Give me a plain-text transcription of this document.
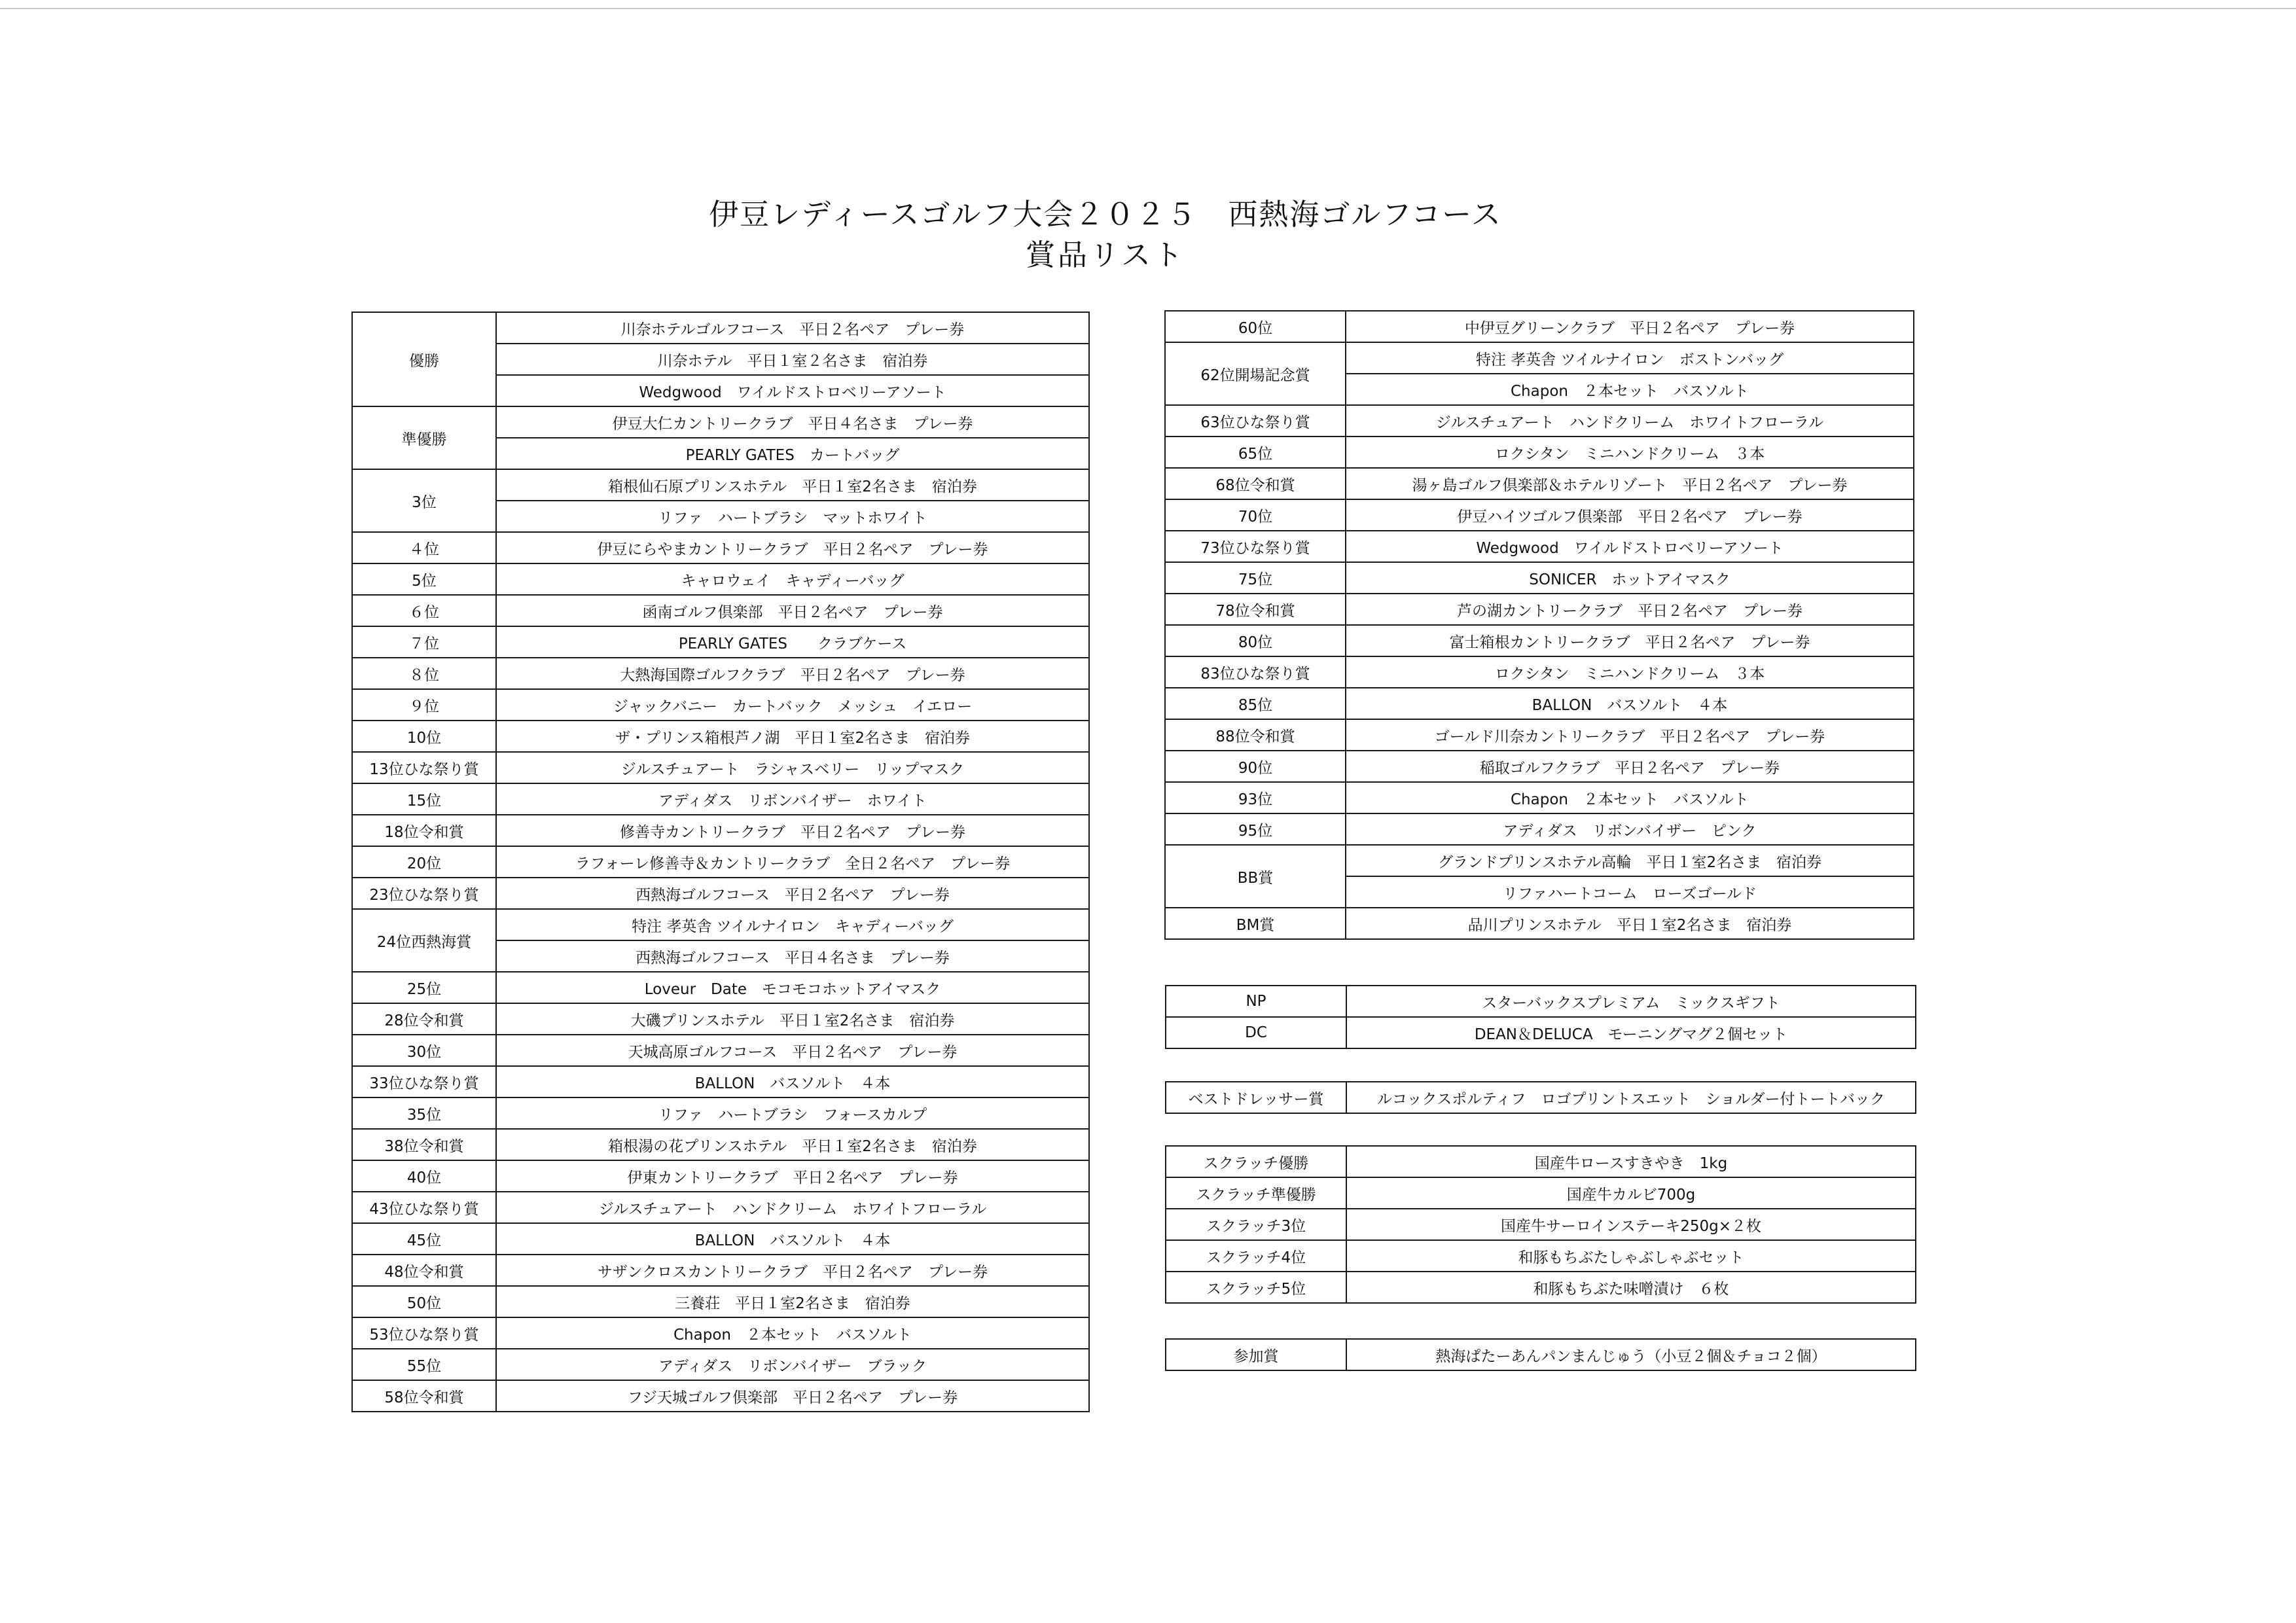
伊豆レディースゴルフ大会２０２５　西熱海ゴルフコース
賞品リスト
優勝	川奈ホテルゴルフコース　平日２名ペア　プレー券
	川奈ホテル　平日１室２名さま　宿泊券
	Wedgwood　ワイルドストロベリーアソート
準優勝	伊豆大仁カントリークラブ　平日４名さま　プレー券
	PEARLY GATES　カートバッグ
3位	箱根仙石原プリンスホテル　平日１室2名さま　宿泊券
	リファ　ハートブラシ　マットホワイト
４位	伊豆にらやまカントリークラブ　平日２名ペア　プレー券
5位	キャロウェイ　キャディーバッグ
６位	函南ゴルフ倶楽部　平日２名ペア　プレー券
７位	PEARLY GATES　　クラブケース
８位	大熱海国際ゴルフクラブ　平日２名ペア　プレー券
９位	ジャックバニー　カートバック　メッシュ　イエロー
10位	ザ・プリンス箱根芦ノ湖　平日１室2名さま　宿泊券
13位ひな祭り賞	ジルスチュアート　ラシャスベリー　リップマスク
15位	アディダス　リボンバイザー　ホワイト
18位令和賞	修善寺カントリークラブ　平日２名ペア　プレー券
20位	ラフォーレ修善寺＆カントリークラブ　全日２名ペア　プレー券
23位ひな祭り賞	西熱海ゴルフコース　平日２名ペア　プレー券
24位西熱海賞	特注 孝英舎 ツイルナイロン　キャディーバッグ
	西熱海ゴルフコース　平日４名さま　プレー券
25位	Loveur　Date　モコモコホットアイマスク
28位令和賞	大磯プリンスホテル　平日１室2名さま　宿泊券
30位	天城高原ゴルフコース　平日２名ペア　プレー券
33位ひな祭り賞	BALLON　バスソルト　４本
35位	リファ　ハートブラシ　フォースカルプ
38位令和賞	箱根湯の花プリンスホテル　平日１室2名さま　宿泊券
40位	伊東カントリークラブ　平日２名ペア　プレー券
43位ひな祭り賞	ジルスチュアート　ハンドクリーム　ホワイトフローラル
45位	BALLON　バスソルト　４本
48位令和賞	サザンクロスカントリークラブ　平日２名ペア　プレー券
50位	三養荘　平日１室2名さま　宿泊券
53位ひな祭り賞	Chapon　２本セット　バスソルト
55位	アディダス　リボンバイザー　ブラック
58位令和賞	フジ天城ゴルフ倶楽部　平日２名ペア　プレー券
60位	中伊豆グリーンクラブ　平日２名ペア　プレー券
62位開場記念賞	特注 孝英舎 ツイルナイロン　ボストンバッグ
	Chapon　２本セット　バスソルト
63位ひな祭り賞	ジルスチュアート　ハンドクリーム　ホワイトフローラル
65位	ロクシタン　ミニハンドクリーム　３本
68位令和賞	湯ヶ島ゴルフ倶楽部＆ホテルリゾート　平日２名ペア　プレー券
70位	伊豆ハイツゴルフ倶楽部　平日２名ペア　プレー券
73位ひな祭り賞	Wedgwood　ワイルドストロベリーアソート
75位	SONICER　ホットアイマスク
78位令和賞	芦の湖カントリークラブ　平日２名ペア　プレー券
80位	富士箱根カントリークラブ　平日２名ペア　プレー券
83位ひな祭り賞	ロクシタン　ミニハンドクリーム　３本
85位	BALLON　バスソルト　４本
88位令和賞	ゴールド川奈カントリークラブ　平日２名ペア　プレー券
90位	稲取ゴルフクラブ　平日２名ペア　プレー券
93位	Chapon　２本セット　バスソルト
95位	アディダス　リボンバイザー　ピンク
BB賞	グランドプリンスホテル高輪　平日１室2名さま　宿泊券
	リファハートコーム　ローズゴールド
BM賞	品川プリンスホテル　平日１室2名さま　宿泊券
NP	スターバックスプレミアム　ミックスギフト
DC	DEAN＆DELUCA　モーニングマグ２個セット
ベストドレッサー賞	ルコックスポルティフ　ロゴプリントスエット　ショルダー付トートバック
スクラッチ優勝	国産牛ロースすきやき　1kg
スクラッチ準優勝	国産牛カルビ700g
スクラッチ3位	国産牛サーロインステーキ250g×２枚
スクラッチ4位	和豚もちぶたしゃぶしゃぶセット
スクラッチ5位	和豚もちぶた味噌漬け　６枚
参加賞	熱海ぱたーあんパンまんじゅう（小豆２個＆チョコ２個）
